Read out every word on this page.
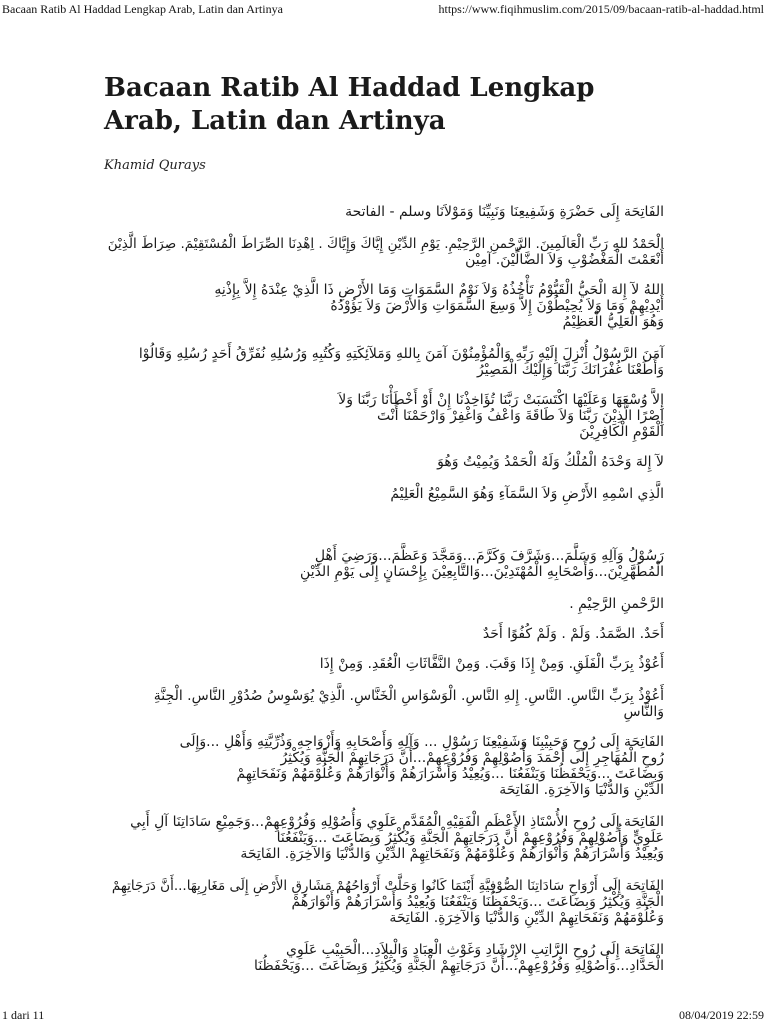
Bacaan Ratib Al Haddad Lengkap Arab, Latin dan Artinya	https://www.fiqihmuslim.com/2015/09/bacaan-ratib-al-haddad.html
Bacaan Ratib Al Haddad Lengkap Arab, Latin dan Artinya
Khamid Qurays
الفَاتِحَة إِلَى حَضْرَةِ وَشَفِيعِنَا وَنَبِيِّنَا وَمَوْلاَنَا وسلم - الفاتحة
الْحَمْدُ للهِ رَبِّ الْعَالَمِينَ. الرَّحْمنِ الرَّحِيْمِ. يَوْمِ الدِّيْنِ إِيَّاكَ وَإِيَّاكَ . اِهْدِنَا الصِّرَاطَ الْمُسْتَقِيْمَ. صِرَاطَ الَّذِيْنَ
أَنْعَمْتَ الْمَغْضُوْبِ وَلاَ الضَّالِّيْنَ. آمِيْن
اللهُ لآ إِلهَ الْحَيُّ الْقَيُّوْمُ تَأْخُذُهُ وَلاَ نَوْمٌ السَّمَوَاتِ وَمَا الأَرْضِ ذَا الَّذِيْ عِنْدَهُ إِلاَّ بِإِذْنِهِ
أَيْدِيْهِمْ وَمَا وَلاَ يُحِيْطُوْنَ إِلاَّ وَسِعَ السَّمَوَاتِ وَالأَرْضَ وَلاَ يَؤُوْدُهُ
وَهُوَ الْعَلِيُّ الْعَظِيْمُ
آمَنَ الرَّسُوْلُ أُنْزِلَ إِلَيْهِ رَبِّهِ وَالْمُؤْمِنُوْنَ آمَنَ بِاللهِ وَمَلآئِكَتِهِ وَكُتُبِهِ وَرُسُلِهِ نُفَرِّقُ أَحَدٍ رُسُلِهِ وَقَالُوْا
وَأَطَعْنَا غُفْرَانَكَ رَبَّنَا وَإِلَيْكَ الْمَصِيْرُ
إِلاَّ وُسْعَهَا وَعَلَيْهَا اكْتَسَبَتْ رَبَّنَا تُؤَاخِذْنَا إِنْ أَوْ أَخْطَأْنَا رَبَّنَا وَلاَ
إِصْرًا الَّذِيْنَ رَبَّنَا وَلاَ طَاقَةَ وَاعْفُ وَاغْفِرْ وَارْحَمْنَا أَنْتَ
الْقَوْمِ الْكَافِرِيْنَ
لآ إِلهَ وَحْدَهُ الْمُلْكُ وَلَهُ الْحَمْدُ وَيُمِيْتُ وَهُوَ
الَّذِي اسْمِهِ الأَرْضِ وَلاَ السَّمَآءِ وَهُوَ السَّمِيْعُ الْعَلِيْمُ
رَسُوْلُ وَآلِهِ وَسَلَّمَ...وَشَرَّفَ وَكَرَّمَ...وَمَجَّدَ وَعَظَّمَ...وَرَضِيَ أَهْلِ
الْمُطَهَّرِيْنَ...وَأَصْحَابِهِ الْمُهْتَدِيْنَ...وَالتَّابِعِيْنَ بِإِحْسَانٍ إِلَى يَوْمِ الدِّيْنِ
الرَّحْمنِ الرَّحِيْمِ .
أَحَدٌ. الصَّمَدُ. وَلَمْ . وَلَمْ كُفُوًا أَحَدٌ
أَعُوْذُ بِرَبِّ الْفَلَقِ. وَمِنْ إِذَا وَقَبَ. وَمِنْ النَّفَّاثَاتِ الْعُقَدِ. وَمِنْ إِذَا
أَعُوْذُ بِرَبِّ النَّاسِ. النَّاسِ. إِلهِ النَّاسِ. الْوَسْوَاسِ الْخَنَّاسِ. الَّذِيْ يُوَسْوِسُ صُدُوْرِ النَّاسِ. الْجِنَّةِ
وَالنَّاسِ
الفَاتِحَة إِلَى رُوحِ وَحَبِيْبِنَا وَشَفِيْعِنَا رَسُوْلِ ... وَآلِهِ وَأَصْحَابِهِ وَأَزْوَاجِهِ وَذُرِّيَّتِهِ وَأَهْلِ ...وَإِلَى
رُوحِ الْمُهَاجِرِ إِلَى أَحْمَدَ وَأُصُوْلِهِمْ وَفُرُوْعِهِمْ...أَنَّ دَرَجَاتِهِمْ الْجَنَّةِ وَيُكْثِرُ
وَبِضَاعَتَ ...وَيَحْفَظُنَا وَيَنْفَعُنَا ...وَيُعِيْدُ وَأَسْرَارَهُمْ وَأَنْوَارَهُمْ وَعُلُوْمَهُمْ وَنَفَحَاتِهِمْ
الدِّيْنِ وَالدُّنْيَا وَالآخِرَةِ. الفَاتِحَة
الفَاتِحَة إِلَى رُوحِ الأُسْتَاذِ الأَعْظَمِ الْفَقِيْهِ الْمُقَدَّمِ عَلَوِي وَأُصُوْلِهِ وَفُرُوْعِهِمْ...وَجَمِيْعِ سَادَاتِنَا آلِ أَبِي
عَلَوِيٍّ وَأُصُوْلِهِمْ وَفُرُوْعِهِمْ أَنَّ دَرَجَاتِهِمْ الْجَنَّةِ وَيُكْثِرُ وَبِضَاعَتَ ...وَيَنْفَعُنَا
وَيُعِيْدُ وَأَسْرَارَهُمْ وَأَنْوَارَهُمْ وَعُلُوْمَهُمْ وَنَفَحَاتِهِمْ الدِّيْنِ وَالدُّنْيَا وَالآخِرَةِ. الفَاتِحَة
الفَاتِحَة إِلَى أَرْوَاحِ سَادَاتِنَا الصُّوْفِيَّةِ أَيْنَمَا كَانُوا وَحَلَّتْ أَرْوَاحُهُمْ مَشَارِقِ الأَرْضِ إِلَى مَغَارِبِهَا...أَنَّ دَرَجَاتِهِمْ
الْجَنَّةِ وَيُكْثِرُ وَبِضَاعَتَ ...وَيَحْفَظُنَا وَيَنْفَعُنَا وَيُعِيْدُ وَأَسْرَارَهُمْ وَأَنْوَارَهُمْ
وَعُلُوْمَهُمْ وَنَفَحَاتِهِمْ الدِّيْنِ وَالدُّنْيَا وَالآخِرَةِ. الفَاتِحَة
الفَاتِحَة إِلَى رُوحِ الرَّاتِبِ الإِرْشَادِ وَغَوْثِ الْعِبَادِ وَالْبِلاَدِ...الْحَبِيْبِ عَلَوِي
الْحَدَّادِ...وَأُصُوْلِهِ وَفُرُوْعِهِمْ...أَنَّ دَرَجَاتِهِمْ الْجَنَّةِ وَيُكْثِرُ وَبِضَاعَتَ ...وَيَحْفَظُنَا
1 dari 11	08/04/2019 22:59
